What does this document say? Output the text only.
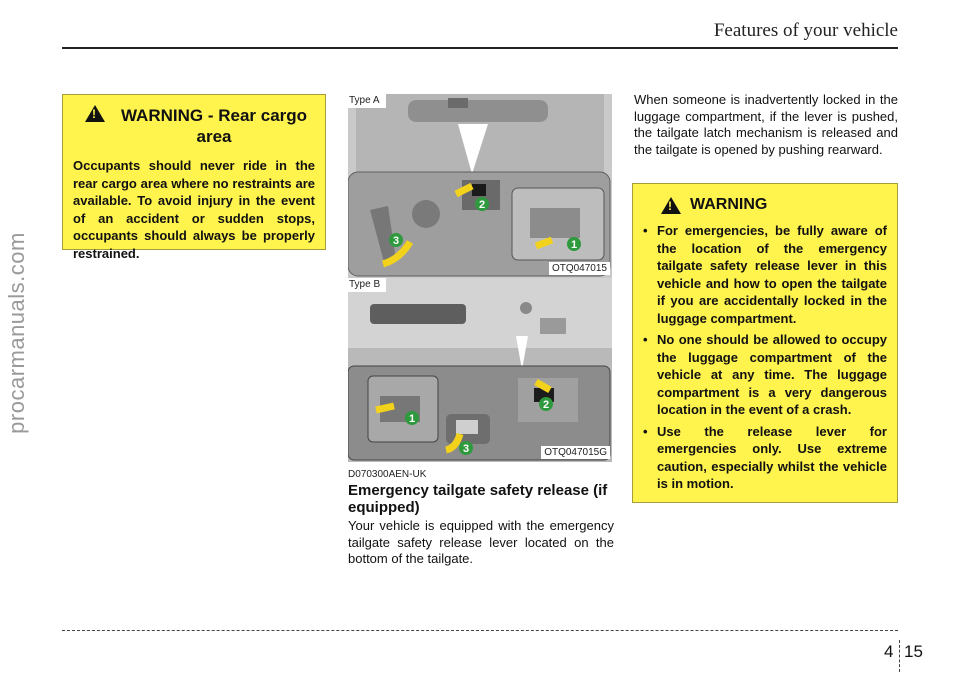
Features of your vehicle
procarmanuals.com
!
WARNING - Rear cargo area
Occupants should never ride in the rear cargo area where no restraints are available. To avoid injury in the event of an accident or sudden stops, occupants should always be properly restrained.
1
2
3
Type A
OTQ047015
1
2
3
Type B
OTQ047015G
D070300AEN-UK
Emergency tailgate safety release (if equipped)
Your vehicle is equipped with the emergency tailgate safety release lever located on the bottom of the tailgate.
When someone is inadvertently locked in the luggage compartment, if the lever is pushed, the tailgate latch mechanism is released and the tailgate is opened by pushing rearward.
!
WARNING
• For emergencies, be fully aware of the location of the emergency tailgate safety release lever in this vehicle and how to open the tailgate if you are accidentally locked in the luggage compartment.
• No one should be allowed to occupy the luggage compartment of the vehicle at any time. The luggage compartment is a very dangerous location in the event of a crash.
• Use the release lever for emergencies only. Use extreme caution, especially whilst the vehicle is in motion.
4 15
